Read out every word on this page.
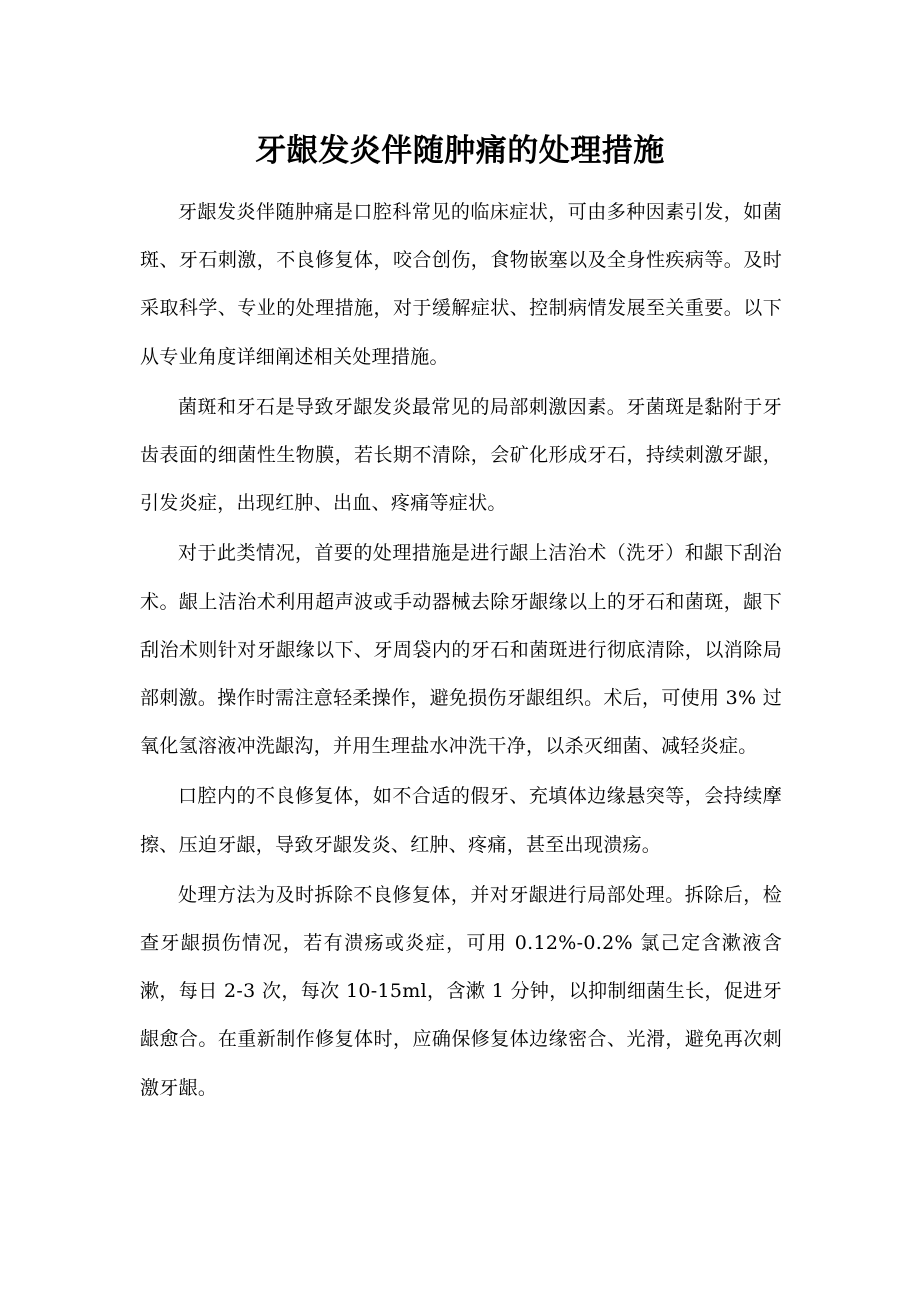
牙龈发炎伴随肿痛的处理措施

牙龈发炎伴随肿痛是口腔科常见的临床症状，可由多种因素引发，如菌斑、牙石刺激，不良修复体，咬合创伤，食物嵌塞以及全身性疾病等。及时采取科学、专业的处理措施，对于缓解症状、控制病情发展至关重要。以下从专业角度详细阐述相关处理措施。

菌斑和牙石是导致牙龈发炎最常见的局部刺激因素。牙菌斑是黏附于牙齿表面的细菌性生物膜，若长期不清除，会矿化形成牙石，持续刺激牙龈，引发炎症，出现红肿、出血、疼痛等症状。

对于此类情况，首要的处理措施是进行龈上洁治术（洗牙）和龈下刮治术。龈上洁治术利用超声波或手动器械去除牙龈缘以上的牙石和菌斑，龈下刮治术则针对牙龈缘以下、牙周袋内的牙石和菌斑进行彻底清除，以消除局部刺激。操作时需注意轻柔操作，避免损伤牙龈组织。术后，可使用 3% 过氧化氢溶液冲洗龈沟，并用生理盐水冲洗干净，以杀灭细菌、减轻炎症。

口腔内的不良修复体，如不合适的假牙、充填体边缘悬突等，会持续摩擦、压迫牙龈，导致牙龈发炎、红肿、疼痛，甚至出现溃疡。

处理方法为及时拆除不良修复体，并对牙龈进行局部处理。拆除后，检查牙龈损伤情况，若有溃疡或炎症，可用 0.12%-0.2% 氯己定含漱液含漱，每日 2-3 次，每次 10-15ml，含漱 1 分钟，以抑制细菌生长，促进牙龈愈合。在重新制作修复体时，应确保修复体边缘密合、光滑，避免再次刺激牙龈。
